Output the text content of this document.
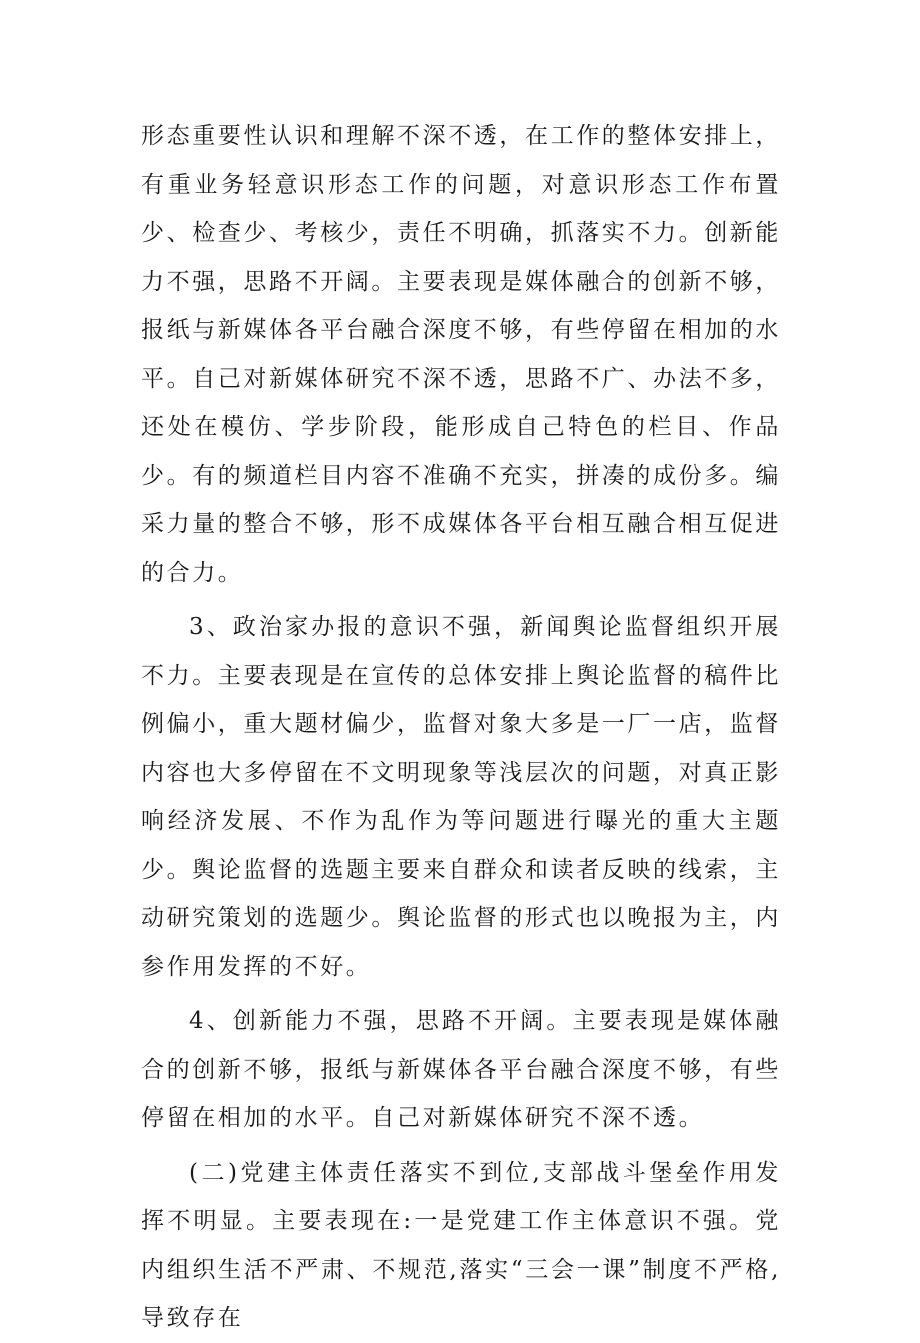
形态重要性认识和理解不深不透，在工作的整体安排上，有重业务轻意识形态工作的问题，对意识形态工作布置少、检查少、考核少，责任不明确，抓落实不力。创新能力不强，思路不开阔。主要表现是媒体融合的创新不够，报纸与新媒体各平台融合深度不够，有些停留在相加的水平。自己对新媒体研究不深不透，思路不广、办法不多，还处在模仿、学步阶段，能形成自己特色的栏目、作品少。有的频道栏目内容不准确不充实，拼凑的成份多。编采力量的整合不够，形不成媒体各平台相互融合相互促进的合力。

3、政治家办报的意识不强，新闻舆论监督组织开展不力。主要表现是在宣传的总体安排上舆论监督的稿件比例偏小，重大题材偏少，监督对象大多是一厂一店，监督内容也大多停留在不文明现象等浅层次的问题，对真正影响经济发展、不作为乱作为等问题进行曝光的重大主题少。舆论监督的选题主要来自群众和读者反映的线索，主动研究策划的选题少。舆论监督的形式也以晚报为主，内参作用发挥的不好。

4、创新能力不强，思路不开阔。主要表现是媒体融合的创新不够，报纸与新媒体各平台融合深度不够，有些停留在相加的水平。自己对新媒体研究不深不透。

(二)党建主体责任落实不到位,支部战斗堡垒作用发挥不明显。主要表现在:一是党建工作主体意识不强。党内组织生活不严肃、不规范,落实“三会一课”制度不严格,导致存在
